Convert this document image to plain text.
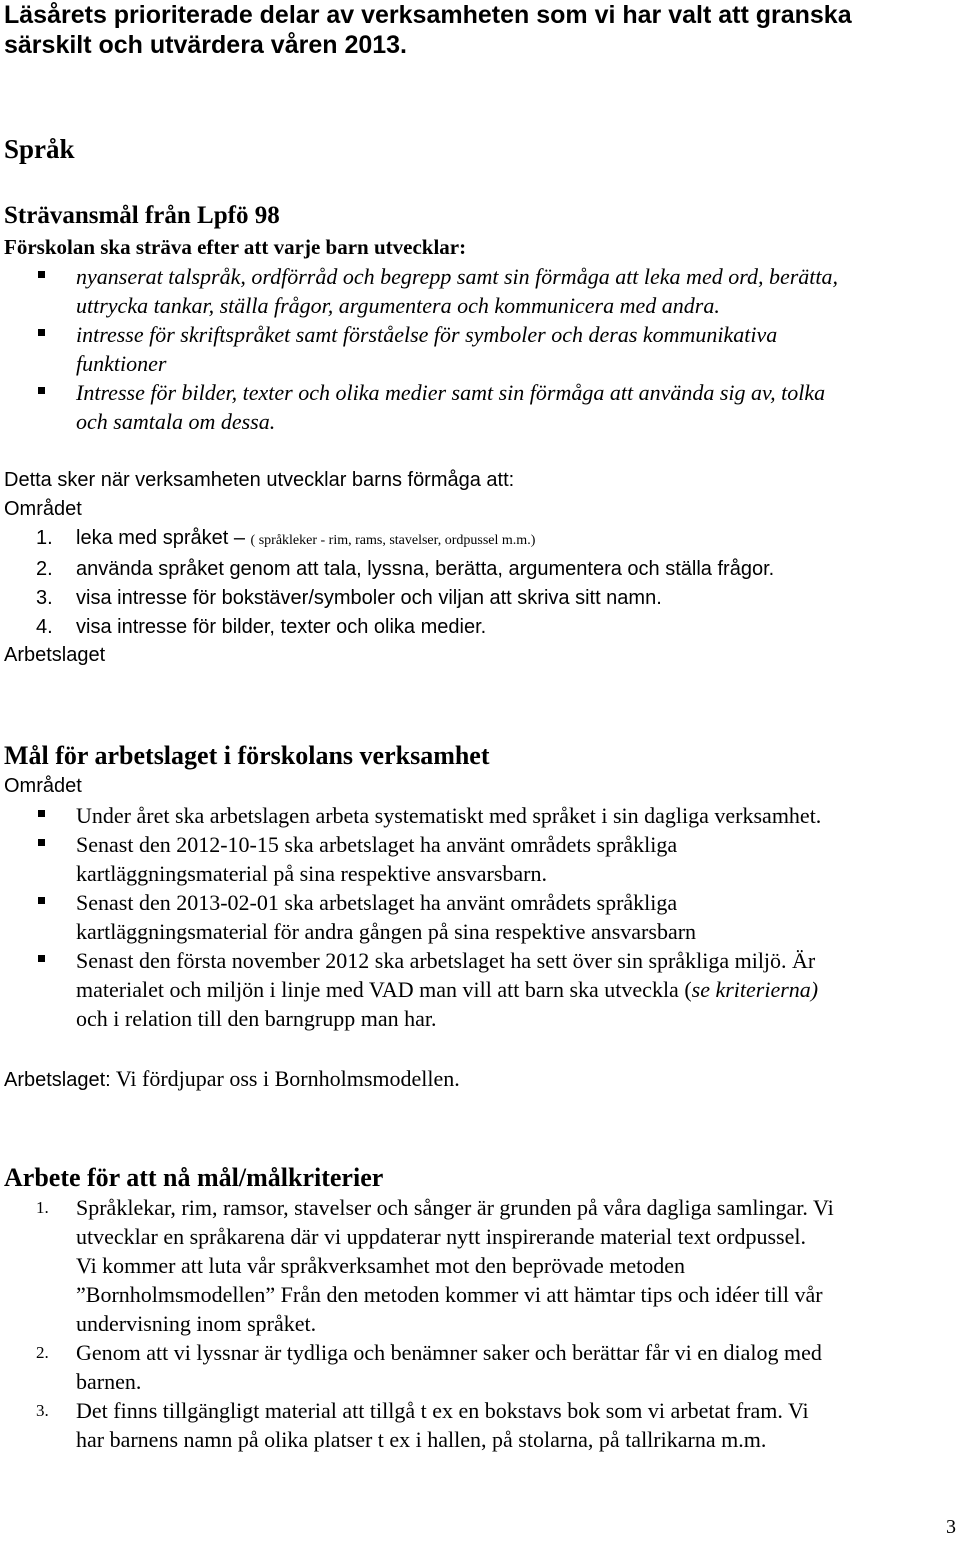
Läsårets prioriterade delar av verksamheten som vi har valt att granska
särskilt och utvärdera våren 2013.
Språk
Strävansmål från Lpfö 98
Förskolan ska sträva efter att varje barn utvecklar:
nyanserat talspråk, ordförråd och begrepp samt sin förmåga att leka med ord, berätta,
uttrycka tankar, ställa frågor, argumentera och kommunicera med andra.
intresse för skriftspråket samt förståelse för symboler och deras kommunikativa
funktioner
Intresse för bilder, texter och olika medier samt sin förmåga att använda sig av, tolka
och samtala om dessa.
Detta sker när verksamheten utvecklar barns förmåga att:
Området
1. leka med språket – ( språkleker - rim, rams, stavelser, ordpussel m.m.)
2. använda språket genom att tala, lyssna, berätta, argumentera och ställa frågor.
3. visa intresse för bokstäver/symboler och viljan att skriva sitt namn.
4. visa intresse för bilder, texter och olika medier.
Arbetslaget
Mål för arbetslaget i förskolans verksamhet
Området
Under året ska arbetslagen arbeta systematiskt med språket i sin dagliga verksamhet.
Senast den 2012-10-15 ska arbetslaget ha använt områdets språkliga
kartläggningsmaterial på sina respektive ansvarsbarn.
Senast den 2013-02-01 ska arbetslaget ha använt områdets språkliga
kartläggningsmaterial för andra gången på sina respektive ansvarsbarn
Senast den första november 2012 ska arbetslaget ha sett över sin språkliga miljö. Är
materialet och miljön i linje med VAD man vill att barn ska utveckla (se kriterierna)
och i relation till den barngrupp man har.
Arbetslaget: Vi fördjupar oss i Bornholmsmodellen.
Arbete för att nå mål/målkriterier
1. Språklekar, rim, ramsor, stavelser och sånger är grunden på våra dagliga samlingar. Vi
utvecklar en språkarena där vi uppdaterar nytt inspirerande material text ordpussel.
Vi kommer att luta vår språkverksamhet mot den beprövade metoden
”Bornholmsmodellen” Från den metoden kommer vi att hämtar tips och idéer till vår
undervisning inom språket.
2. Genom att vi lyssnar är tydliga och benämner saker och berättar får vi en dialog med
barnen.
3. Det finns tillgängligt material att tillgå t ex en bokstavs bok som vi arbetat fram. Vi
har barnens namn på olika platser t ex i hallen, på stolarna, på tallrikarna m.m.
3
